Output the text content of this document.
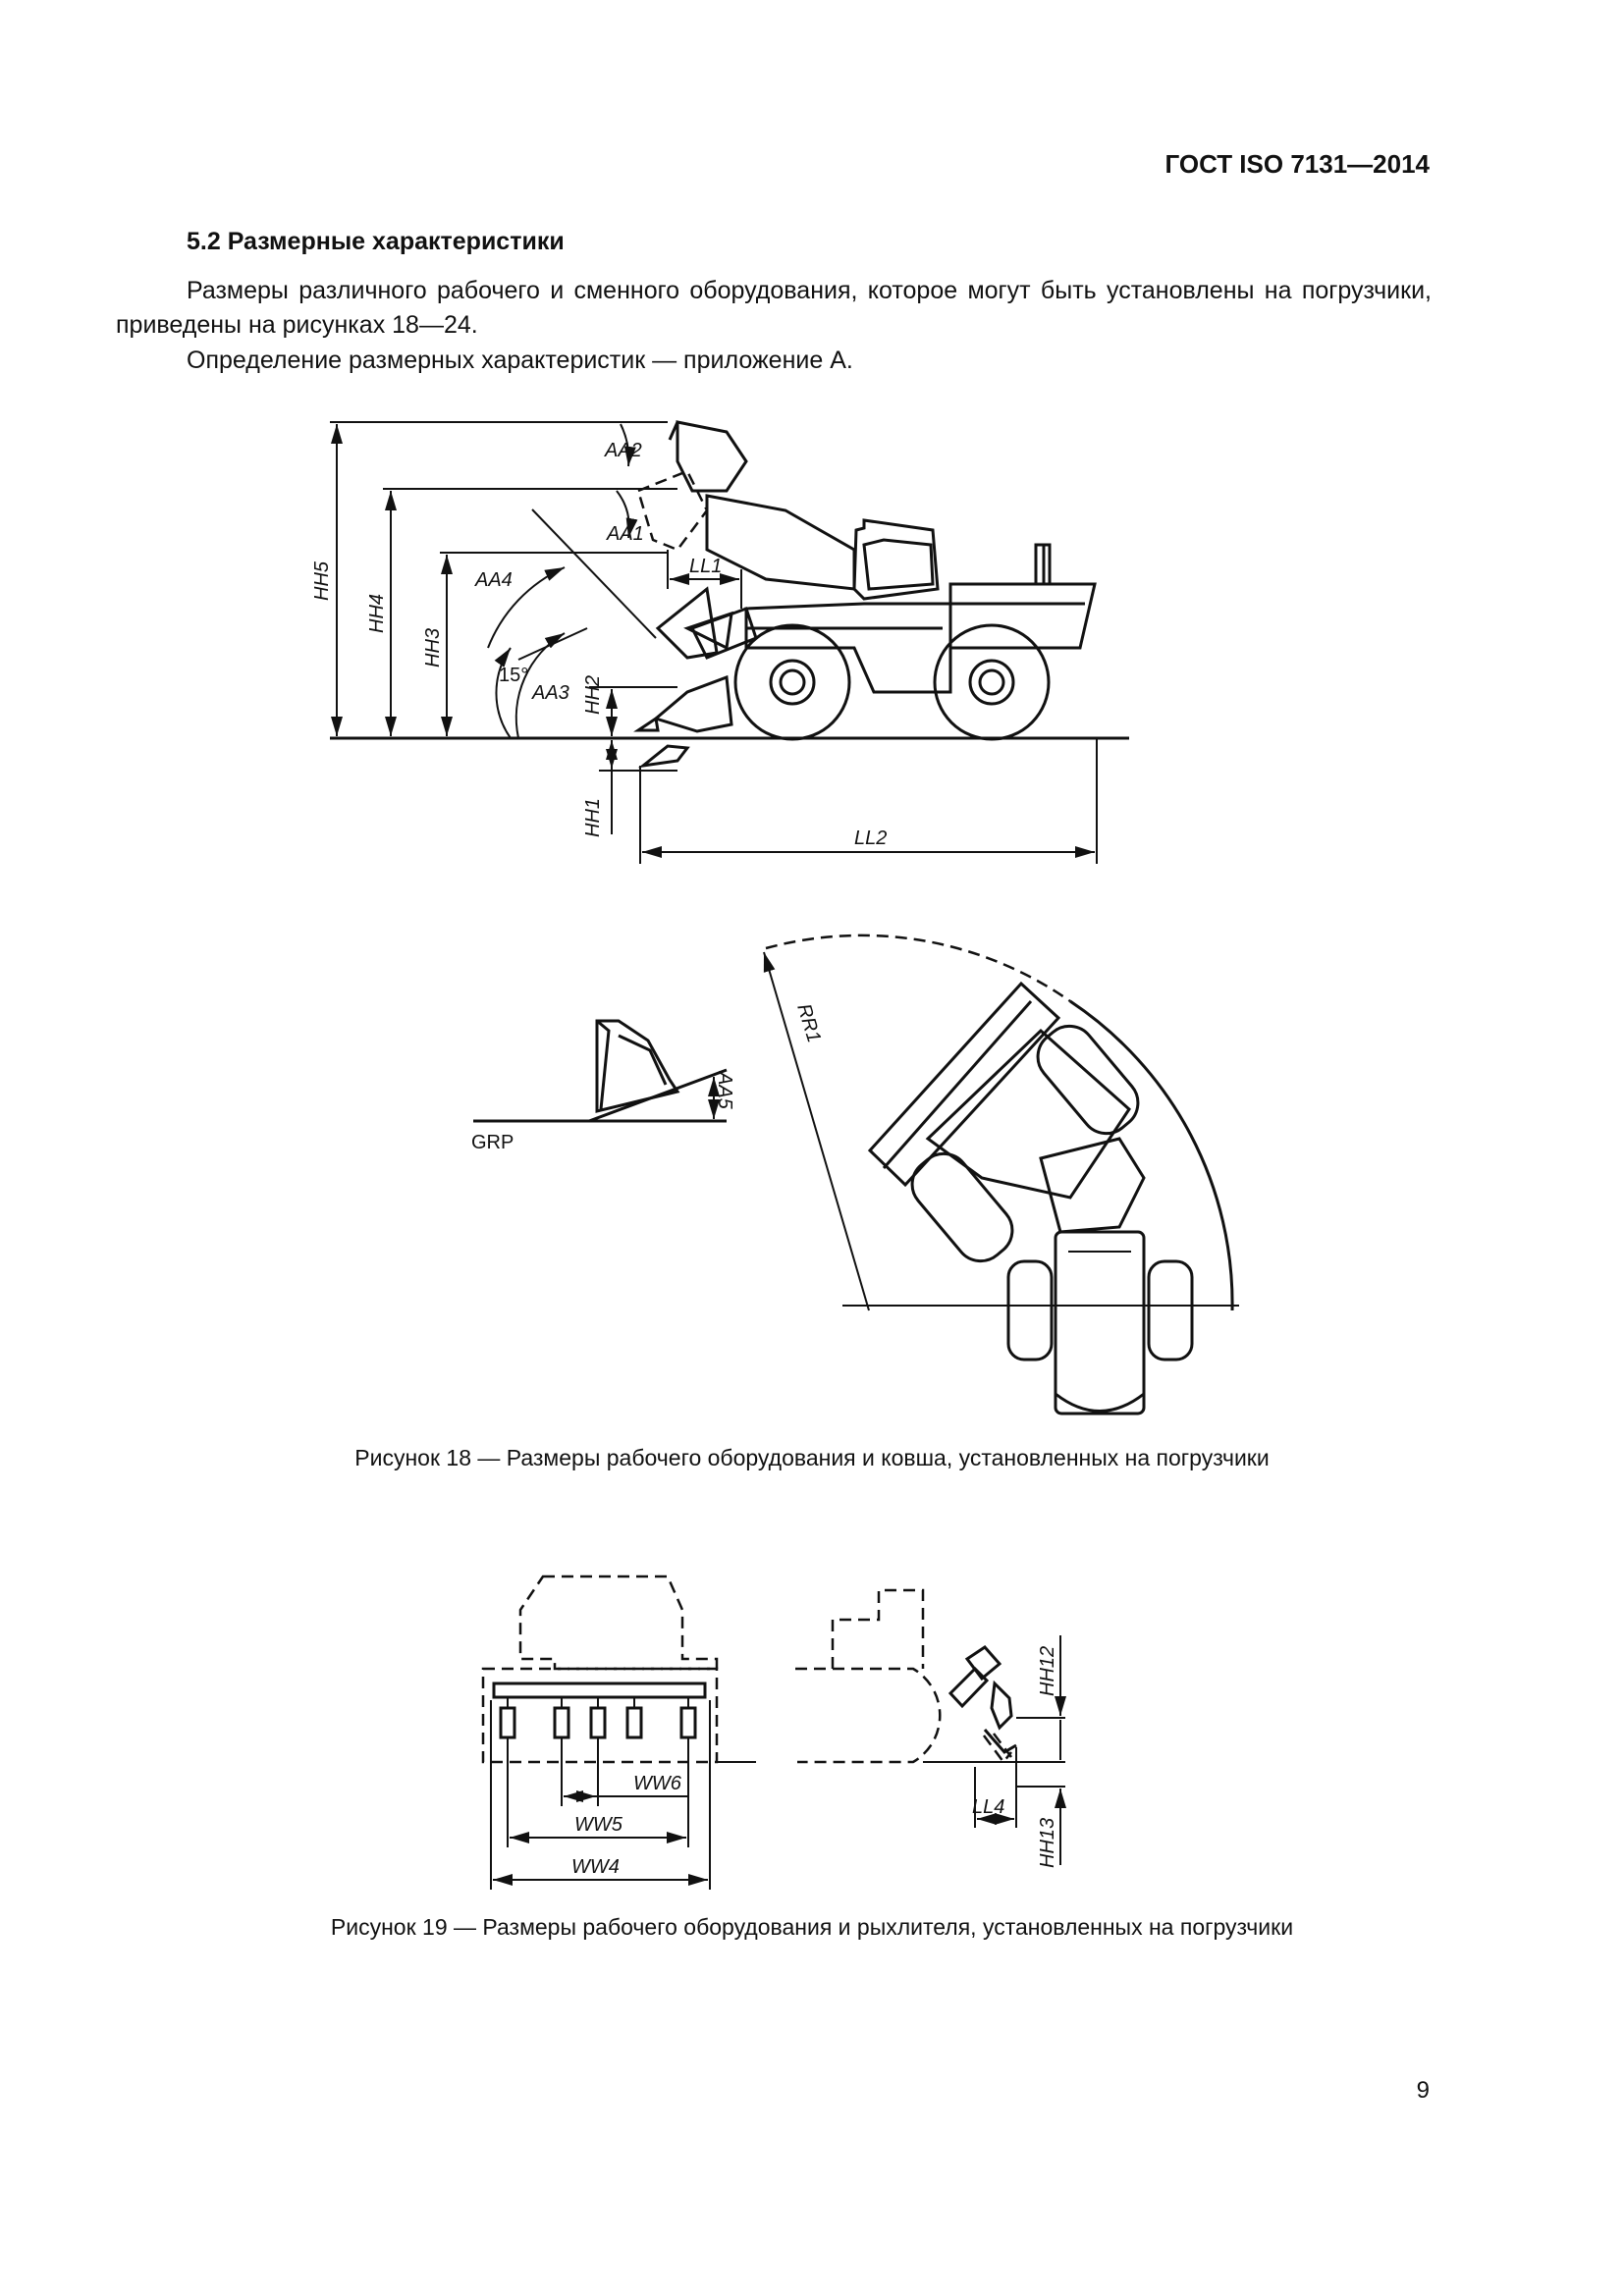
ГОСТ ISO 7131—2014
5.2 Размерные характеристики
Размеры различного рабочего и сменного оборудования, которое могут быть установлены на погрузчики, приведены на рисунках 18—24.
Определение размерных характеристик — приложение А.
HH5
HH4
HH3
HH2
HH1
LL2
LL1
AA2
AA1
AA4
AA3
15°
AA5
GRP
RR1
WW6
WW5
WW4
HH12
HH13
LL4
Рисунок 18 — Размеры рабочего оборудования и ковша, установленных на погрузчики
Рисунок 19 — Размеры рабочего оборудования и рыхлителя, установленных на погрузчики
9
